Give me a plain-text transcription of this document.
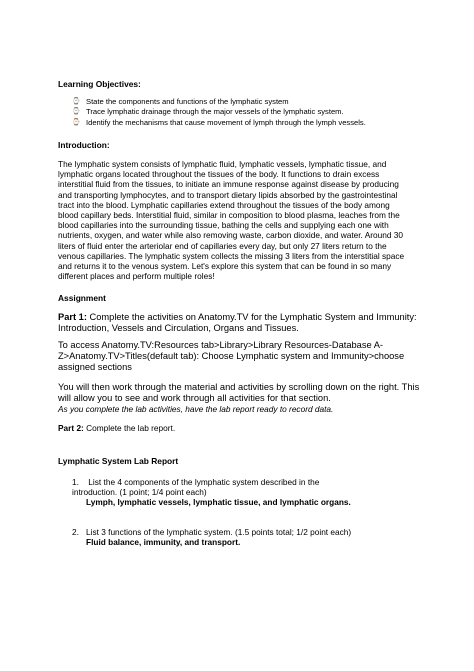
Learning Objectives:
⌚ State the components and functions of the lymphatic system
⌚ Trace lymphatic drainage through the major vessels of the lymphatic system.
⌚ Identify the mechanisms that cause movement of lymph through the lymph vessels.
Introduction:

The lymphatic system consists of lymphatic fluid, lymphatic vessels, lymphatic tissue, and

lymphatic organs located throughout the tissues of the body. It functions to drain excess

interstitial fluid from the tissues, to initiate an immune response against disease by producing

and transporting lymphocytes, and to transport dietary lipids absorbed by the gastrointestinal

tract into the blood. Lymphatic capillaries extend throughout the tissues of the body among

blood capillary beds. Interstitial fluid, similar in composition to blood plasma, leaches from the

blood capillaries into the surrounding tissue, bathing the cells and supplying each one with

nutrients, oxygen, and water while also removing waste, carbon dioxide, and water. Around 30

liters of fluid enter the arteriolar end of capillaries every day, but only 27 liters return to the

venous capillaries. The lymphatic system collects the missing 3 liters from the interstitial space

and returns it to the venous system. Let's explore this system that can be found in so many

different places and perform multiple roles!

Assignment

Part 1: Complete the activities on Anatomy.TV for the Lymphatic System and Immunity:

Introduction, Vessels and Circulation, Organs and Tissues.

To access Anatomy.TV:Resources tab>Library>Library Resources-Database A-

Z>Anatomy.TV>Titles(default tab): Choose Lymphatic system and Immunity>choose

assigned sections

You will then work through the material and activities by scrolling down on the right. This

will allow you to see and work through all activities for that section.

As you complete the lab activities, have the lab report ready to record data.

Part 2: Complete the lab report.

Lymphatic System Lab Report
1. List the 4 components of the lymphatic system described in the
introduction. (1 point; 1/4 point each)
Lymph, lymphatic vessels, lymphatic tissue, and lymphatic organs.
2. List 3 functions of the lymphatic system. (1.5 points total; 1/2 point each)
Fluid balance, immunity, and transport.
